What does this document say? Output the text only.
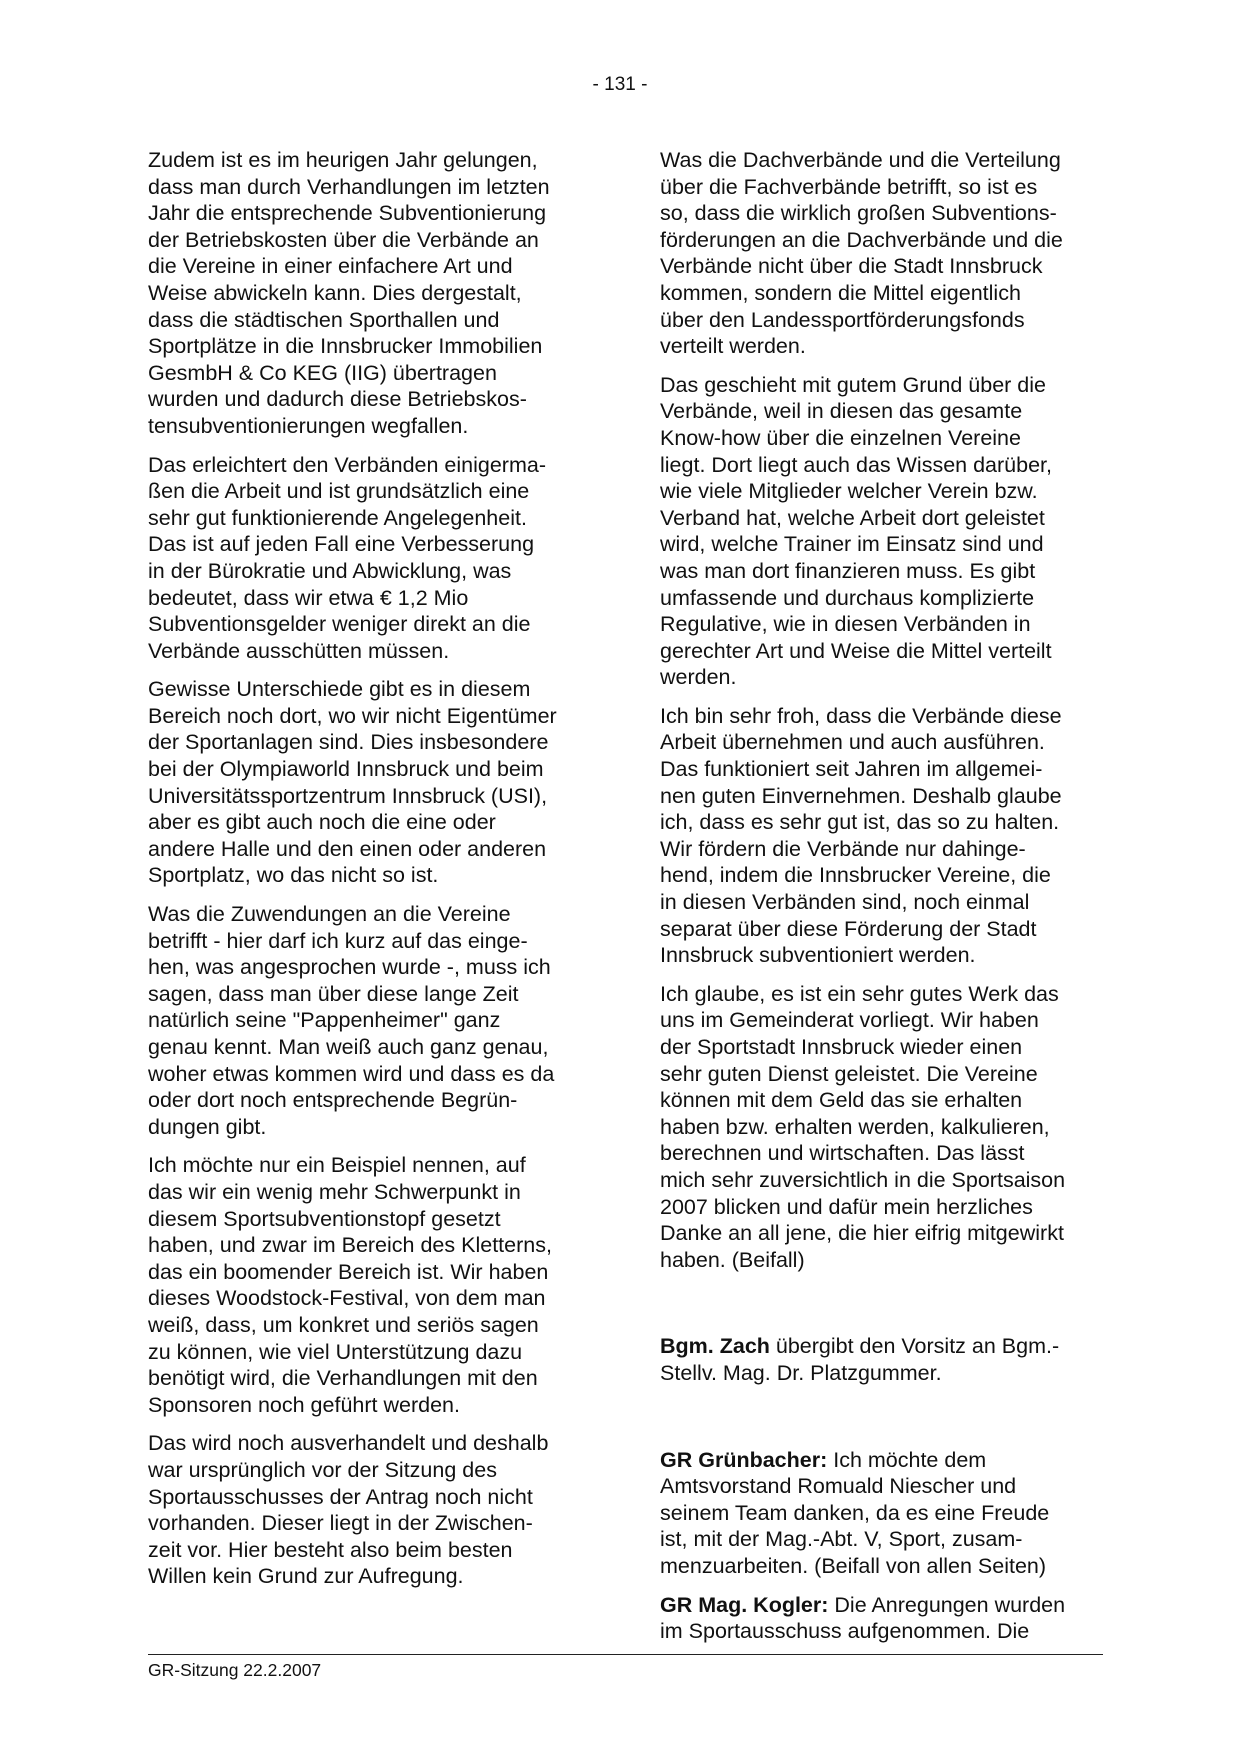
- 131 -

Zudem ist es im heurigen Jahr gelungen,
dass man durch Verhandlungen im letzten
Jahr die entsprechende Subventionierung
der Betriebskosten über die Verbände an
die Vereine in einer einfachere Art und
Weise abwickeln kann. Dies dergestalt,
dass die städtischen Sporthallen und
Sportplätze in die Innsbrucker Immobilien
GesmbH & Co KEG (IIG) übertragen
wurden und dadurch diese Betriebskos-
tensubventionierungen wegfallen.

Das erleichtert den Verbänden einigerma-
ßen die Arbeit und ist grundsätzlich eine
sehr gut funktionierende Angelegenheit.
Das ist auf jeden Fall eine Verbesserung
in der Bürokratie und Abwicklung, was
bedeutet, dass wir etwa € 1,2 Mio
Subventionsgelder weniger direkt an die
Verbände ausschütten müssen.

Gewisse Unterschiede gibt es in diesem
Bereich noch dort, wo wir nicht Eigentümer
der Sportanlagen sind. Dies insbesondere
bei der Olympiaworld Innsbruck und beim
Universitätssportzentrum Innsbruck (USI),
aber es gibt auch noch die eine oder
andere Halle und den einen oder anderen
Sportplatz, wo das nicht so ist.

Was die Zuwendungen an die Vereine
betrifft - hier darf ich kurz auf das einge-
hen, was angesprochen wurde -, muss ich
sagen, dass man über diese lange Zeit
natürlich seine "Pappenheimer" ganz
genau kennt. Man weiß auch ganz genau,
woher etwas kommen wird und dass es da
oder dort noch entsprechende Begrün-
dungen gibt.

Ich möchte nur ein Beispiel nennen, auf
das wir ein wenig mehr Schwerpunkt in
diesem Sportsubventionstopf gesetzt
haben, und zwar im Bereich des Kletterns,
das ein boomender Bereich ist. Wir haben
dieses Woodstock-Festival, von dem man
weiß, dass, um konkret und seriös sagen
zu können, wie viel Unterstützung dazu
benötigt wird, die Verhandlungen mit den
Sponsoren noch geführt werden.

Das wird noch ausverhandelt und deshalb
war ursprünglich vor der Sitzung des
Sportausschusses der Antrag noch nicht
vorhanden. Dieser liegt in der Zwischen-
zeit vor. Hier besteht also beim besten
Willen kein Grund zur Aufregung.

Was die Dachverbände und die Verteilung
über die Fachverbände betrifft, so ist es
so, dass die wirklich großen Subventions-
förderungen an die Dachverbände und die
Verbände nicht über die Stadt Innsbruck
kommen, sondern die Mittel eigentlich
über den Landessportförderungsfonds
verteilt werden.

Das geschieht mit gutem Grund über die
Verbände, weil in diesen das gesamte
Know-how über die einzelnen Vereine
liegt. Dort liegt auch das Wissen darüber,
wie viele Mitglieder welcher Verein bzw.
Verband hat, welche Arbeit dort geleistet
wird, welche Trainer im Einsatz sind und
was man dort finanzieren muss. Es gibt
umfassende und durchaus komplizierte
Regulative, wie in diesen Verbänden in
gerechter Art und Weise die Mittel verteilt
werden.

Ich bin sehr froh, dass die Verbände diese
Arbeit übernehmen und auch ausführen.
Das funktioniert seit Jahren im allgemei-
nen guten Einvernehmen. Deshalb glaube
ich, dass es sehr gut ist, das so zu halten.
Wir fördern die Verbände nur dahinge-
hend, indem die Innsbrucker Vereine, die
in diesen Verbänden sind, noch einmal
separat über diese Förderung der Stadt
Innsbruck subventioniert werden.

Ich glaube, es ist ein sehr gutes Werk das
uns im Gemeinderat vorliegt. Wir haben
der Sportstadt Innsbruck wieder einen
sehr guten Dienst geleistet. Die Vereine
können mit dem Geld das sie erhalten
haben bzw. erhalten werden, kalkulieren,
berechnen und wirtschaften. Das lässt
mich sehr zuversichtlich in die Sportsaison
2007 blicken und dafür mein herzliches
Danke an all jene, die hier eifrig mitgewirkt
haben. (Beifall)

Bgm. Zach übergibt den Vorsitz an Bgm.-
Stellv. Mag. Dr. Platzgummer.

GR Grünbacher: Ich möchte dem
Amtsvorstand Romuald Niescher und
seinem Team danken, da es eine Freude
ist, mit der Mag.-Abt. V, Sport, zusam-
menzuarbeiten. (Beifall von allen Seiten)

GR Mag. Kogler: Die Anregungen wurden
im Sportausschuss aufgenommen. Die

GR-Sitzung 22.2.2007
